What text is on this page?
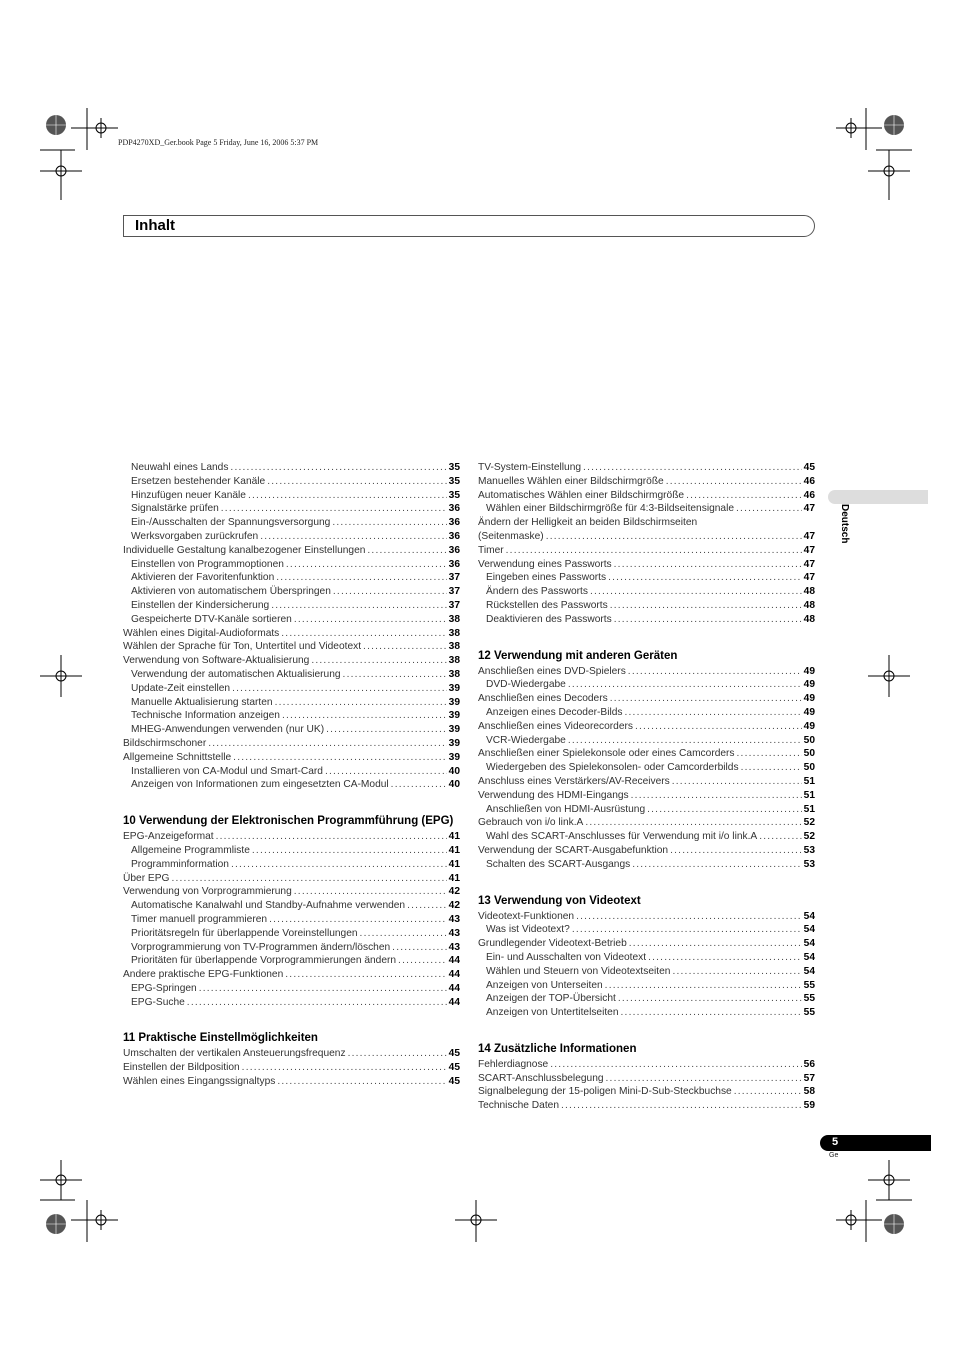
PDP4270XD_Ger.book Page 5 Friday, June 16, 2006 5:37 PM
Inhalt
Deutsch
Neuwahl eines Lands .....	35
Ersetzen bestehender Kanäle .....	35
Hinzufügen neuer Kanäle .....	35
Signalstärke prüfen .....	36
Ein-/Ausschalten der Spannungsversorgung .....	36
Werksvorgaben zurückrufen .....	36
Individuelle Gestaltung kanalbezogener Einstellungen .....	36
Einstellen von Programmoptionen .....	36
Aktivieren der Favoritenfunktion .....	37
Aktivieren von automatischem Überspringen .....	37
Einstellen der Kindersicherung .....	37
Gespeicherte DTV-Kanäle sortieren .....	38
Wählen eines Digital-Audioformats .....	38
Wählen der Sprache für Ton, Untertitel und Videotext .....	38
Verwendung von Software-Aktualisierung .....	38
Verwendung der automatischen Aktualisierung .....	38
Update-Zeit einstellen .....	39
Manuelle Aktualisierung starten .....	39
Technische Information anzeigen .....	39
MHEG-Anwendungen verwenden (nur UK) .....	39
Bildschirmschoner .....	39
Allgemeine Schnittstelle .....	39
Installieren von CA-Modul und Smart-Card .....	40
Anzeigen von Informationen zum eingesetzten CA-Modul .....	40
10 Verwendung der Elektronischen Programmführung (EPG)
EPG-Anzeigeformat .....	41
Allgemeine Programmliste .....	41
Programminformation .....	41
Über EPG .....	41
Verwendung von Vorprogrammierung .....	42
Automatische Kanalwahl und Standby-Aufnahme verwenden .....	42
Timer manuell programmieren .....	43
Prioritätsregeln für überlappende Voreinstellungen .....	43
Vorprogrammierung von TV-Programmen ändern/löschen .....	43
Prioritäten für überlappende Vorprogrammierungen ändern .....	44
Andere praktische EPG-Funktionen .....	44
EPG-Springen .....	44
EPG-Suche .....	44
11 Praktische Einstellmöglichkeiten
Umschalten der vertikalen Ansteuerungsfrequenz .....	45
Einstellen der Bildposition .....	45
Wählen eines Eingangssignaltyps .....	45
TV-System-Einstellung .....	45
Manuelles Wählen einer Bildschirmgröße .....	46
Automatisches Wählen einer Bildschirmgröße .....	46
Wählen einer Bildschirmgröße für 4:3-Bildseitensignale .....	47
Ändern der Helligkeit an beiden Bildschirmseiten
(Seitenmaske) .....	47
Timer .....	47
Verwendung eines Passworts .....	47
Eingeben eines Passworts .....	47
Ändern des Passworts .....	48
Rückstellen des Passworts .....	48
Deaktivieren des Passworts .....	48
12 Verwendung mit anderen Geräten
Anschließen eines DVD-Spielers .....	49
DVD-Wiedergabe .....	49
Anschließen eines Decoders .....	49
Anzeigen eines Decoder-Bilds .....	49
Anschließen eines Videorecorders .....	49
VCR-Wiedergabe .....	50
Anschließen einer Spielekonsole oder eines Camcorders .....	50
Wiedergeben des Spielekonsolen- oder Camcorderbilds .....	50
Anschluss eines Verstärkers/AV-Receivers .....	51
Verwendung des HDMI-Eingangs .....	51
Anschließen von HDMI-Ausrüstung .....	51
Gebrauch von i/o link.A .....	52
Wahl des SCART-Anschlusses für Verwendung mit i/o link.A .....	52
Verwendung der SCART-Ausgabefunktion .....	53
Schalten des SCART-Ausgangs .....	53
13 Verwendung von Videotext
Videotext-Funktionen .....	54
Was ist Videotext? .....	54
Grundlegender Videotext-Betrieb .....	54
Ein- und Ausschalten von Videotext .....	54
Wählen und Steuern von Videotextseiten .....	54
Anzeigen von Unterseiten .....	55
Anzeigen der TOP-Übersicht .....	55
Anzeigen von Untertitelseiten .....	55
14 Zusätzliche Informationen
Fehlerdiagnose .....	56
SCART-Anschlussbelegung .....	57
Signalbelegung der 15-poligen Mini-D-Sub-Steckbuchse .....	58
Technische Daten .....	59
5
Ge
